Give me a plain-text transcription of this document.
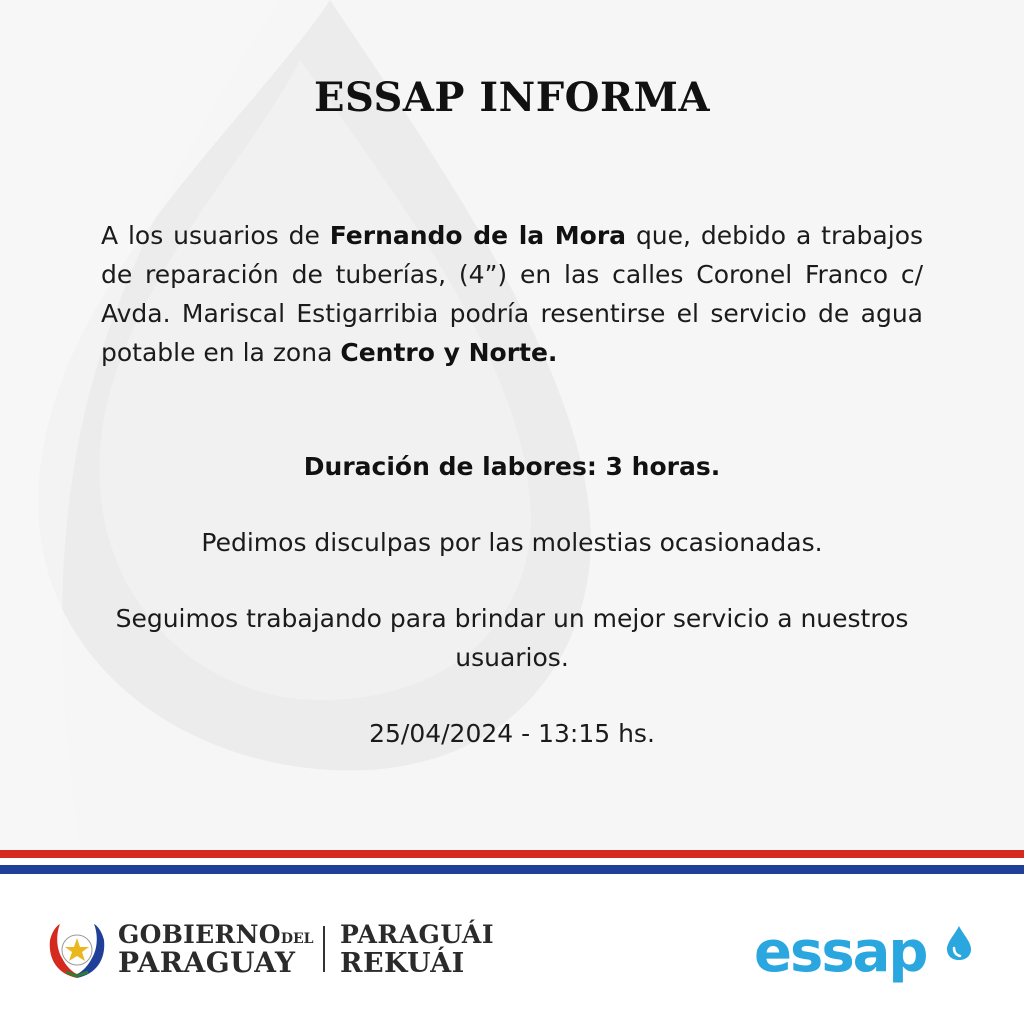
ESSAP INFORMA

A los usuarios de Fernando de la Mora que, debido a trabajos de reparación de tuberías, (4”) en las calles Coronel Franco c/ Avda. Mariscal Estigarribia podría resentirse el servicio de agua potable en la zona Centro y Norte.

Duración de labores: 3 horas.

Pedimos disculpas por las molestias ocasionadas.

Seguimos trabajando para brindar un mejor servicio a nuestros usuarios.

25/04/2024 - 13:15 hs.

GOBIERNODEL

PARAGUAY

PARAGUÁI

REKUÁI	essap
